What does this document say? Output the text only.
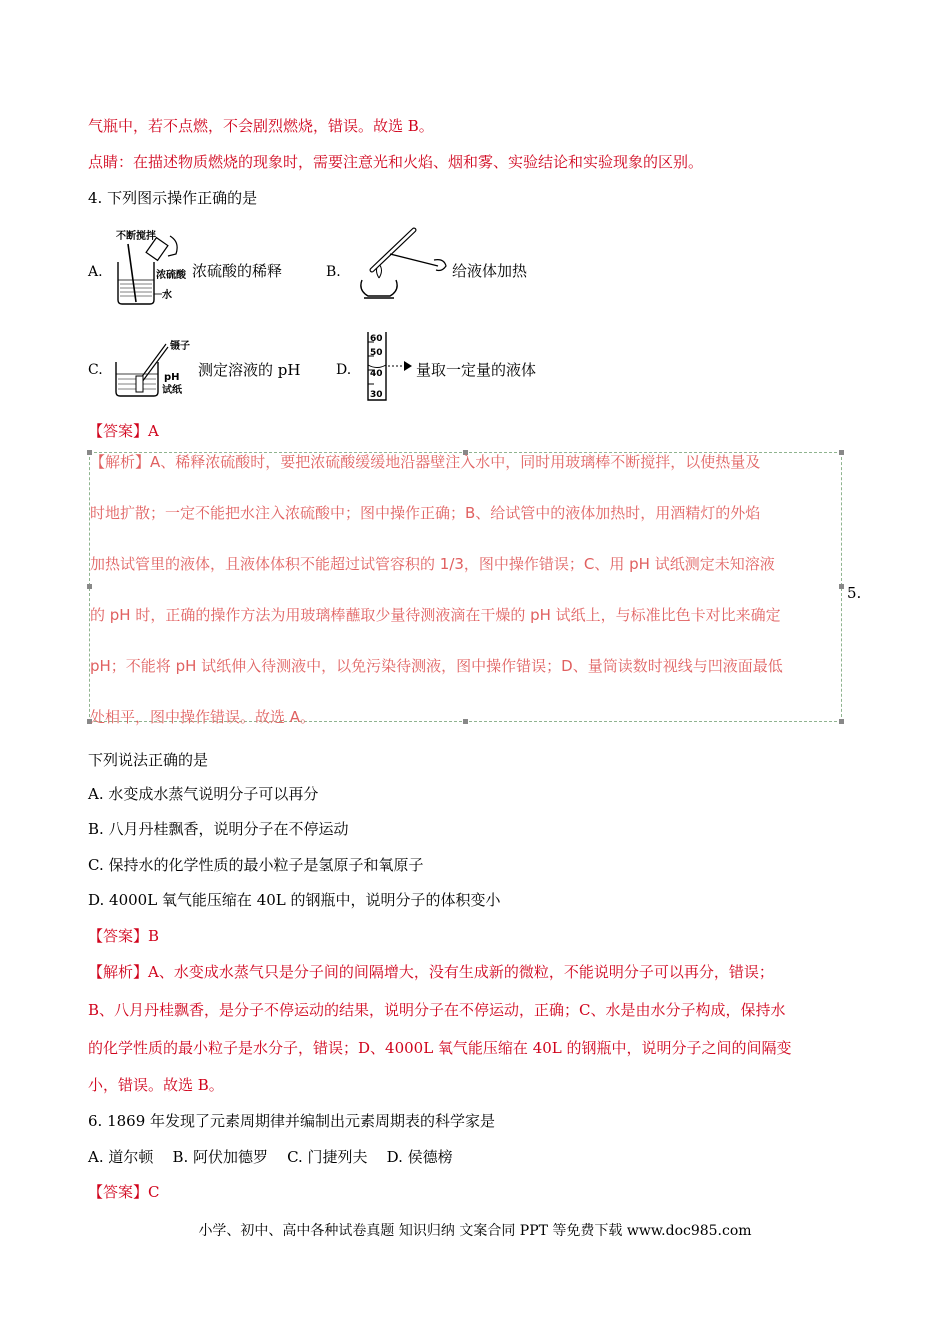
气瓶中，若不点燃，不会剧烈燃烧，错误。故选 B。
点睛：在描述物质燃烧的现象时，需要注意光和火焰、烟和雾、实验结论和实验现象的区别。
4. 下列图示操作正确的是
A.
不断搅拌
浓硫酸
水
浓硫酸的稀释	B.	给液体加热
C.
镊子
pH
试纸
测定溶液的 pH	D.
60
50
40
30
量取一定量的液体
【答案】A
【解析】A、稀释浓硫酸时，要把浓硫酸缓缓地沿器壁注入水中，同时用玻璃棒不断搅拌，以使热量及
时地扩散；一定不能把水注入浓硫酸中；图中操作正确；B、给试管中的液体加热时，用酒精灯的外焰
加热试管里的液体，且液体体积不能超过试管容积的 1/3，图中操作错误；C、用 pH 试纸测定未知溶液
的 pH 时，正确的操作方法为用玻璃棒蘸取少量待测液滴在干燥的 pH 试纸上，与标准比色卡对比来确定
pH；不能将 pH 试纸伸入待测液中，以免污染待测液，图中操作错误；D、量筒读数时视线与凹液面最低
处相平，图中操作错误。故选 A。
5.
下列说法正确的是
A. 水变成水蒸气说明分子可以再分
B. 八月丹桂飘香，说明分子在不停运动
C. 保持水的化学性质的最小粒子是氢原子和氧原子
D. 4000L 氧气能压缩在 40L 的钢瓶中，说明分子的体积变小
【答案】B
【解析】A、水变成水蒸气只是分子间的间隔增大，没有生成新的微粒，不能说明分子可以再分，错误；
B、八月丹桂飘香，是分子不停运动的结果，说明分子在不停运动，正确；C、水是由水分子构成，保持水
的化学性质的最小粒子是水分子，错误；D、4000L 氧气能压缩在 40L 的钢瓶中，说明分子之间的间隔变
小，错误。故选 B。
6. 1869 年发现了元素周期律并编制出元素周期表的科学家是
A. 道尔顿    B. 阿伏加德罗    C. 门捷列夫    D. 侯德榜
【答案】C
小学、初中、高中各种试卷真题 知识归纳 文案合同 PPT 等免费下载 www.doc985.com
